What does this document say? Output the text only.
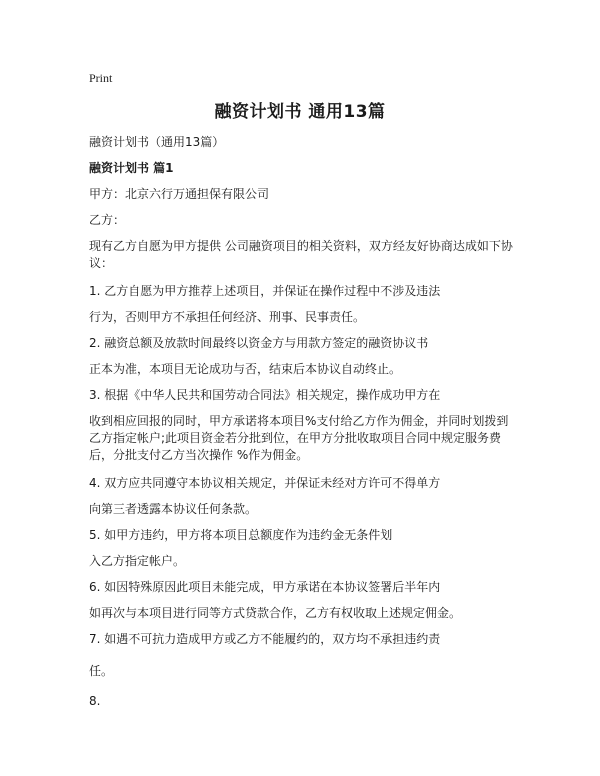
Print
融资计划书 通用13篇
融资计划书（通用13篇）
融资计划书 篇1
甲方：北京六行万通担保有限公司
乙方：
现有乙方自愿为甲方提供 公司融资项目的相关资料，双方经友好协商达成如下协议：
1. 乙方自愿为甲方推荐上述项目，并保证在操作过程中不涉及违法
行为，否则甲方不承担任何经济、刑事、民事责任。
2. 融资总额及放款时间最终以资金方与用款方签定的融资协议书
正本为准，本项目无论成功与否，结束后本协议自动终止。
3. 根据《中华人民共和国劳动合同法》相关规定，操作成功甲方在
收到相应回报的同时，甲方承诺将本项目%支付给乙方作为佣金，并同时划拨到乙方指定帐户;此项目资金若分批到位，在甲方分批收取项目合同中规定服务费后，分批支付乙方当次操作 %作为佣金。
4. 双方应共同遵守本协议相关规定，并保证未经对方许可不得单方
向第三者透露本协议任何条款。
5. 如甲方违约，甲方将本项目总额度作为违约金无条件划
入乙方指定帐户。
6. 如因特殊原因此项目未能完成，甲方承诺在本协议签署后半年内
如再次与本项目进行同等方式贷款合作，乙方有权收取上述规定佣金。
7. 如遇不可抗力造成甲方或乙方不能履约的，双方均不承担违约责
任。
8.
